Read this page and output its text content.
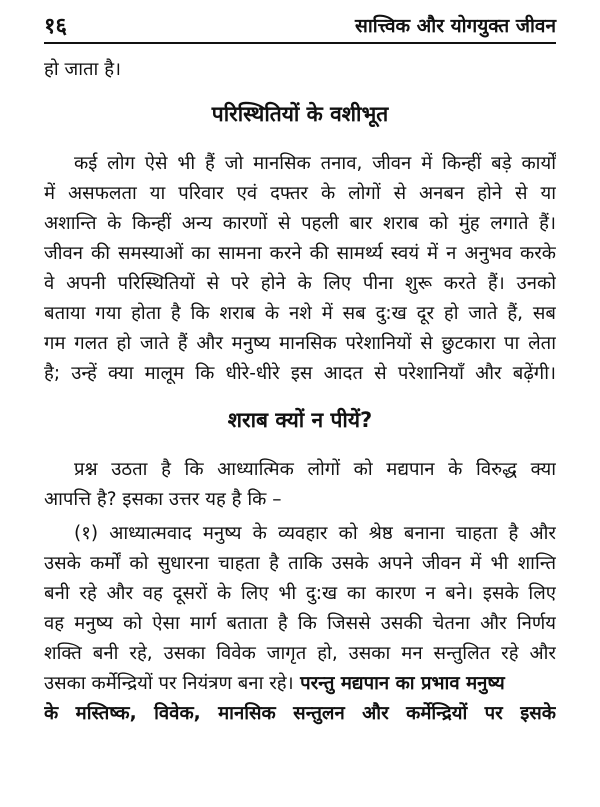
१६	सात्त्विक और योगयुक्त जीवन
हो जाता है।
परिस्थितियों के वशीभूत
कई लोग ऐसे भी हैं जो मानसिक तनाव, जीवन में किन्हीं बड़े कार्यों
में असफलता या परिवार एवं दफ्तर के लोगों से अनबन होने से या
अशान्ति के किन्हीं अन्य कारणों से पहली बार शराब को मुंह लगाते हैं।
जीवन की समस्याओं का सामना करने की सामर्थ्य स्वयं में न अनुभव करके
वे अपनी परिस्थितियों से परे होने के लिए पीना शुरू करते हैं। उनको
बताया गया होता है कि शराब के नशे में सब दु:ख दूर हो जाते हैं, सब
गम गलत हो जाते हैं और मनुष्य मानसिक परेशानियों से छुटकारा पा लेता
है; उन्हें क्या मालूम कि धीरे-धीरे इस आदत से परेशानियाँ और बढ़ेंगी।
शराब क्यों न पीयें?
प्रश्न उठता है कि आध्यात्मिक लोगों को मद्यपान के विरुद्ध क्या
आपत्ति है? इसका उत्तर यह है कि –
(१) आध्यात्मवाद मनुष्य के व्यवहार को श्रेष्ठ बनाना चाहता है और
उसके कर्मों को सुधारना चाहता है ताकि उसके अपने जीवन में भी शान्ति
बनी रहे और वह दूसरों के लिए भी दु:ख का कारण न बने। इसके लिए
वह मनुष्य को ऐसा मार्ग बताता है कि जिससे उसकी चेतना और निर्णय
शक्ति बनी रहे, उसका विवेक जागृत हो, उसका मन सन्तुलित रहे और
उसका कर्मेन्द्रियों पर नियंत्रण बना रहे। परन्तु मद्यपान का प्रभाव मनुष्य
के मस्तिष्क, विवेक, मानसिक सन्तुलन और कर्मेन्द्रियों पर इसके
